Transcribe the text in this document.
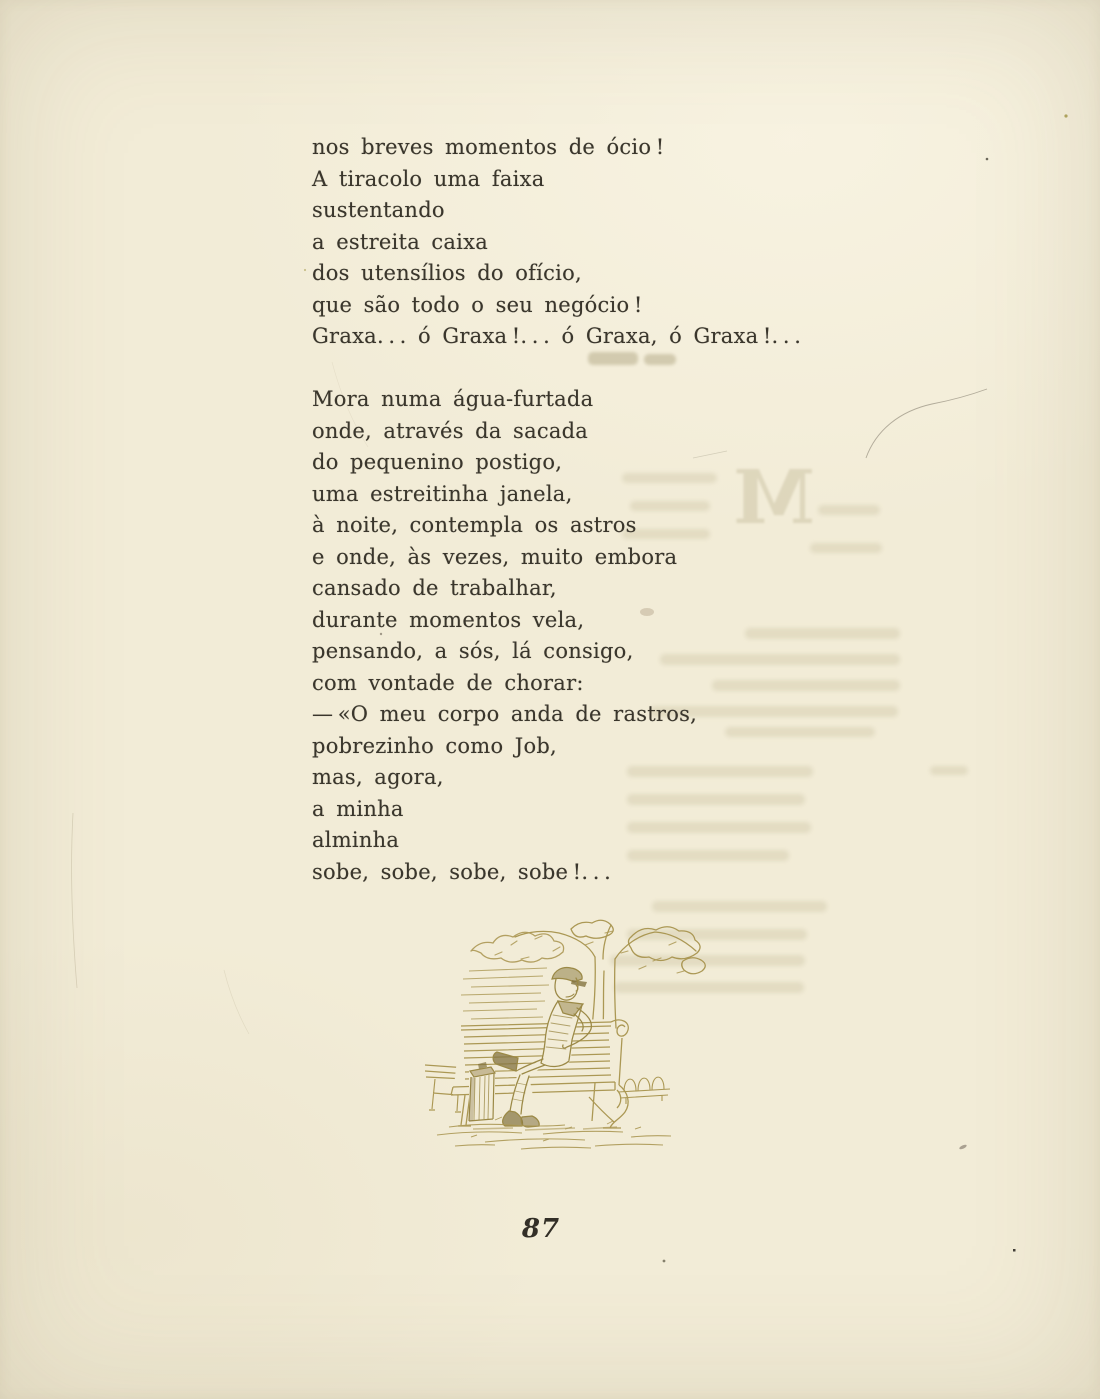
M
nos breves momentos de ócio !
A tiracolo uma faixa
sustentando
a estreita caixa
dos utensílios do ofício,
que são todo o seu negócio !
Graxa. . . ó Graxa !. . . ó Graxa, ó Graxa !. . .
Mora numa água-furtada
onde, através da sacada
do pequenino postigo,
uma estreitinha janela,
à noite, contempla os astros
e onde, às vezes, muito embora
cansado de trabalhar,
durante momentos vela,
pensando, a sós, lá consigo,
com vontade de chorar:
— «O meu corpo anda de rastros,
pobrezinho como Job,
mas, agora,
a minha
alminha
sobe, sobe, sobe, sobe !. . .
87
